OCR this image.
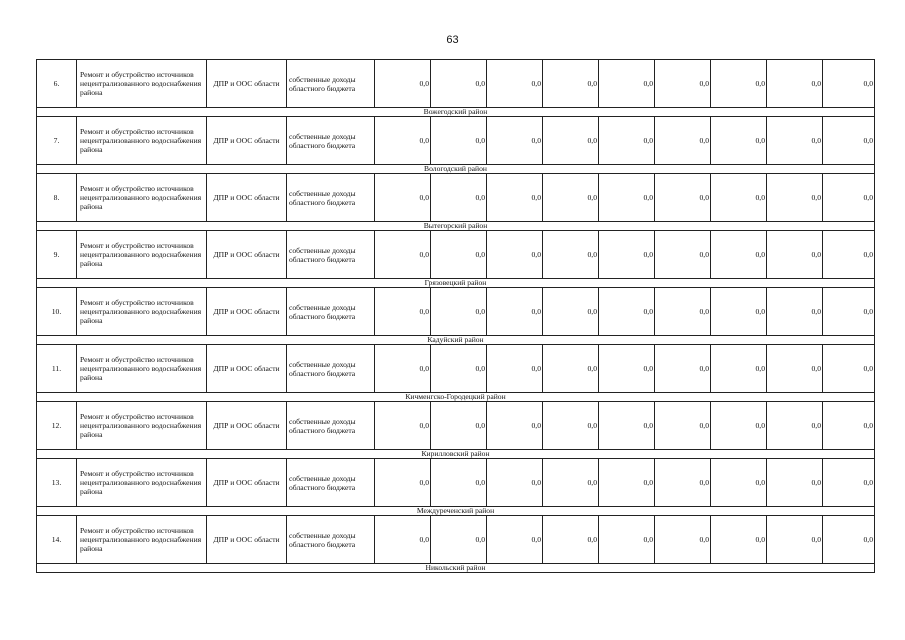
63
6.	Ремонт и обустройство источников нецентрализованного водоснабжения района	ДПР и ООС области	собственные доходы областного бюджета	0,0	0,0	0,0	0,0	0,0	0,0	0,0	0,0	0,0
Вожегодский район												
7.	Ремонт и обустройство источников нецентрализованного водоснабжения района	ДПР и ООС области	собственные доходы областного бюджета	0,0	0,0	0,0	0,0	0,0	0,0	0,0	0,0	0,0
Вологодский район												
8.	Ремонт и обустройство источников нецентрализованного водоснабжения района	ДПР и ООС области	собственные доходы областного бюджета	0,0	0,0	0,0	0,0	0,0	0,0	0,0	0,0	0,0
Вытегорский район												
9.	Ремонт и обустройство источников нецентрализованного водоснабжения района	ДПР и ООС области	собственные доходы областного бюджета	0,0	0,0	0,0	0,0	0,0	0,0	0,0	0,0	0,0
Грязовецкий район												
10.	Ремонт и обустройство источников нецентрализованного водоснабжения района	ДПР и ООС области	собственные доходы областного бюджета	0,0	0,0	0,0	0,0	0,0	0,0	0,0	0,0	0,0
Кадуйский район												
11.	Ремонт и обустройство источников нецентрализованного водоснабжения района	ДПР и ООС области	собственные доходы областного бюджета	0,0	0,0	0,0	0,0	0,0	0,0	0,0	0,0	0,0
Кичменгско-Городецкий район												
12.	Ремонт и обустройство источников нецентрализованного водоснабжения района	ДПР и ООС области	собственные доходы областного бюджета	0,0	0,0	0,0	0,0	0,0	0,0	0,0	0,0	0,0
Кирилловский район												
13.	Ремонт и обустройство источников нецентрализованного водоснабжения района	ДПР и ООС области	собственные доходы областного бюджета	0,0	0,0	0,0	0,0	0,0	0,0	0,0	0,0	0,0
Междуреченский район												
14.	Ремонт и обустройство источников нецентрализованного водоснабжения района	ДПР и ООС области	собственные доходы областного бюджета	0,0	0,0	0,0	0,0	0,0	0,0	0,0	0,0	0,0
Никольский район												
